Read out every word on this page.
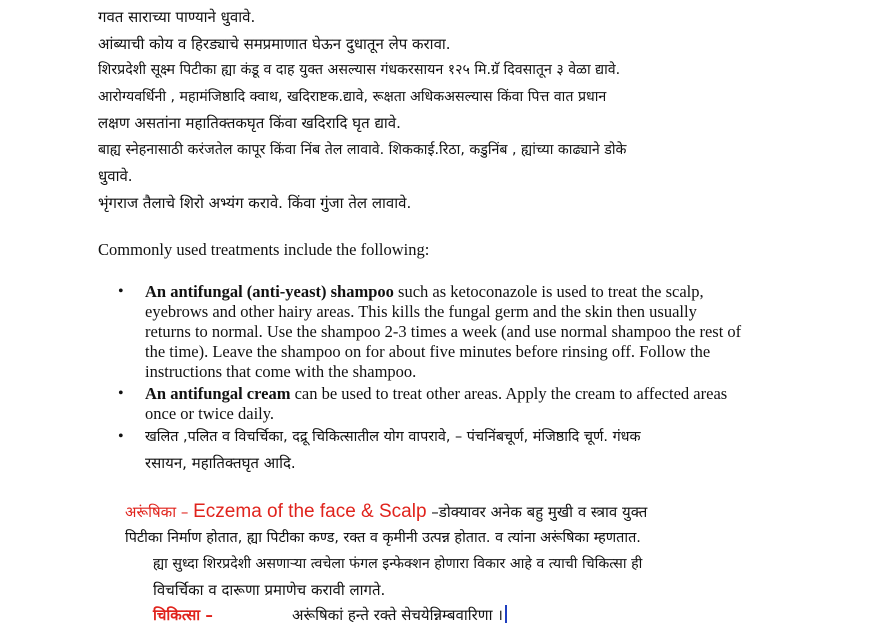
गवत साराच्या पाण्याने धुवावे.
आंब्याची कोय व हिरड्याचे समप्रमाणात घेऊन दुधातून लेप करावा.
शिरप्रदेशी सूक्ष्म पिटीका ह्या कंडू व दाह युक्त असल्यास गंधकरसायन १२५ मि.ग्रॅ दिवसातून ३ वेळा द्यावे.
आरोग्यवर्धिनी , महामंजिष्ठादि क्वाथ, खदिराष्टक.द्यावे, रूक्षता अधिकअसल्यास किंवा पित्त वात प्रधान
लक्षण असतांना महातिक्तकघृत किंवा खदिरादि घृत द्यावे.
बाह्य स्नेहनासाठी करंजतेल कापूर किंवा निंब तेल लावावे. शिककाई.रिठा, कडुनिंब , ह्यांच्या काढ्याने डोके
धुवावे.
भृंगराज तैलाचे शिरो अभ्यंग करावे. किंवा गुंजा तेल लावावे.
Commonly used treatments include the following:
• An antifungal (anti-yeast) shampoo such as ketoconazole is used to treat the scalp,
eyebrows and other hairy areas. This kills the fungal germ and the skin then usually
returns to normal. Use the shampoo 2-3 times a week (and use normal shampoo the rest of
the time). Leave the shampoo on for about five minutes before rinsing off. Follow the
instructions that come with the shampoo.
• An antifungal cream can be used to treat other areas. Apply the cream to affected areas
once or twice daily.
• खलित ,पलित व विचर्चिका, दद्रू चिकित्सातील योग वापरावे, – पंचनिंबचूर्ण, मंजिष्ठादि चूर्ण. गंधक
रसायन, महातिक्तघृत आदि.
अरूंषिका – Eczema of the face & Scalp –डोक्यावर अनेक बहु मुखी व स्त्राव युक्त
पिटीका निर्माण होतात, ह्या पिटीका कण्ड, रक्त व कृमीनी उत्पन्न होतात. व त्यांना अरूंषिका म्हणतात.
ह्या सुध्दा शिरप्रदेशी असणाऱ्या त्वचेला फंगल इन्फेक्शन होणारा विकार आहे व त्याची चिकित्सा ही
विचर्चिका व दारूणा प्रमाणेच करावी लागते.
चिकित्सा –	अरूंषिकां हन्ते रक्ते सेचयेन्निम्बवारिणा ।
